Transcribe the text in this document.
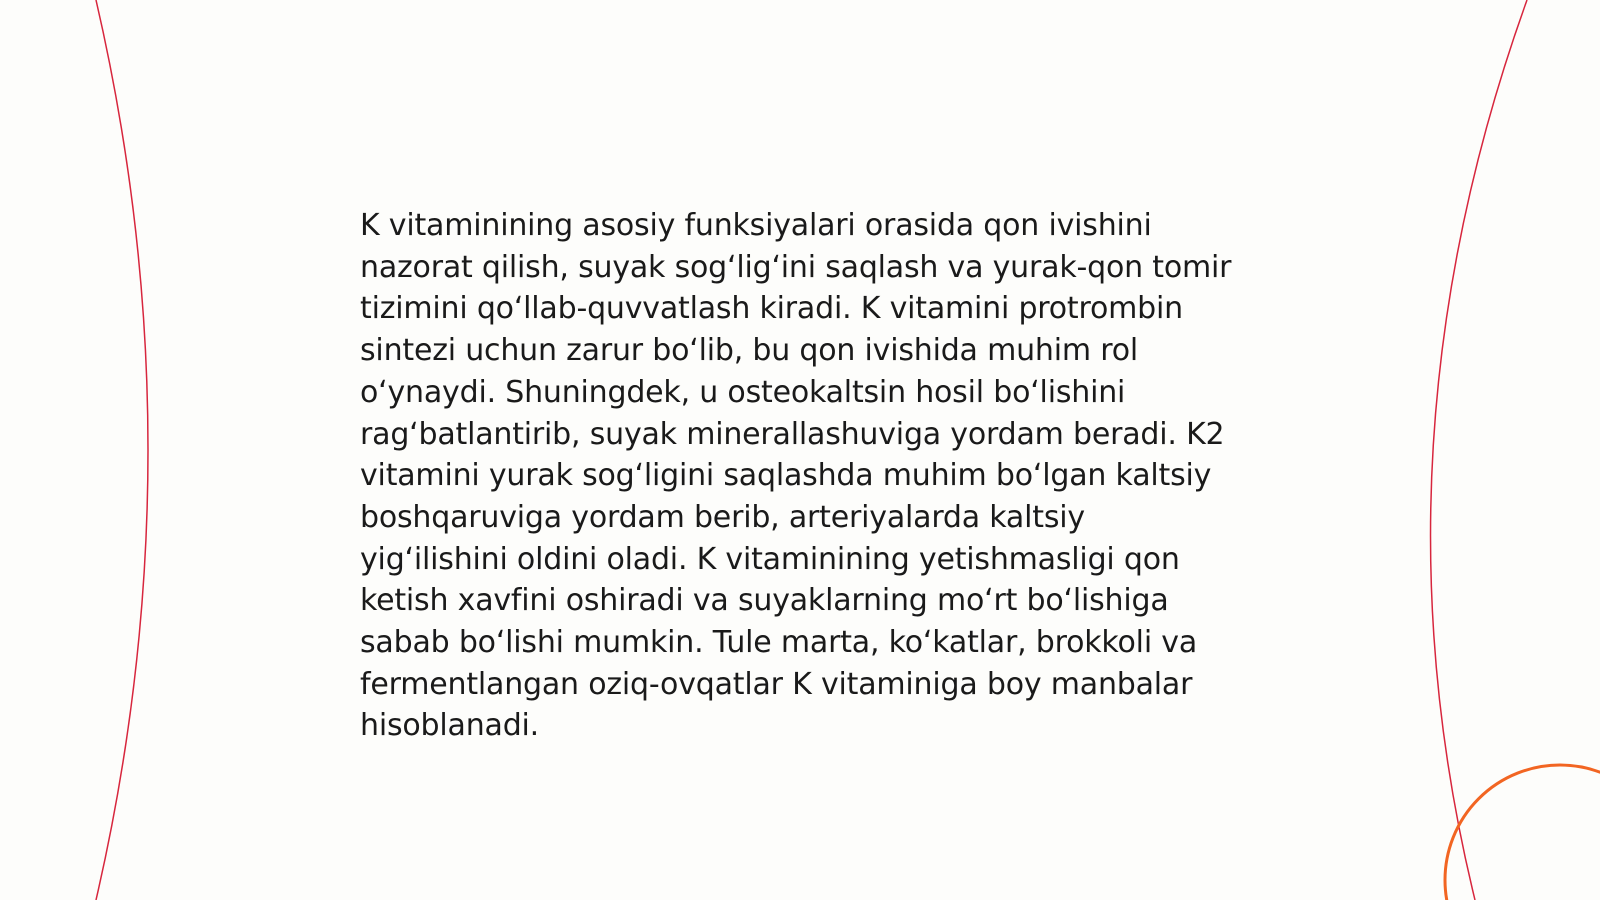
K vitaminining asosiy funksiyalari orasida qon ivishini nazorat qilish, suyak sog‘lig‘ini saqlash va yurak-qon tomir tizimini qo‘llab-quvvatlash kiradi. K vitamini protrombin sintezi uchun zarur bo‘lib, bu qon ivishida muhim rol o‘ynaydi. Shuningdek, u osteokaltsin hosil bo‘lishini rag‘batlantirib, suyak minerallashuviga yordam beradi. K2 vitamini yurak sog‘ligini saqlashda muhim bo‘lgan kaltsiy boshqaruviga yordam berib, arteriyalarda kaltsiy yig‘ilishini oldini oladi. K vitaminining yetishmasligi qon ketish xavfini oshiradi va suyaklarning mo‘rt bo‘lishiga sabab bo‘lishi mumkin. Tule marta, ko‘katlar, brokkoli va fermentlangan oziq-ovqatlar K vitaminiga boy manbalar hisoblanadi.
